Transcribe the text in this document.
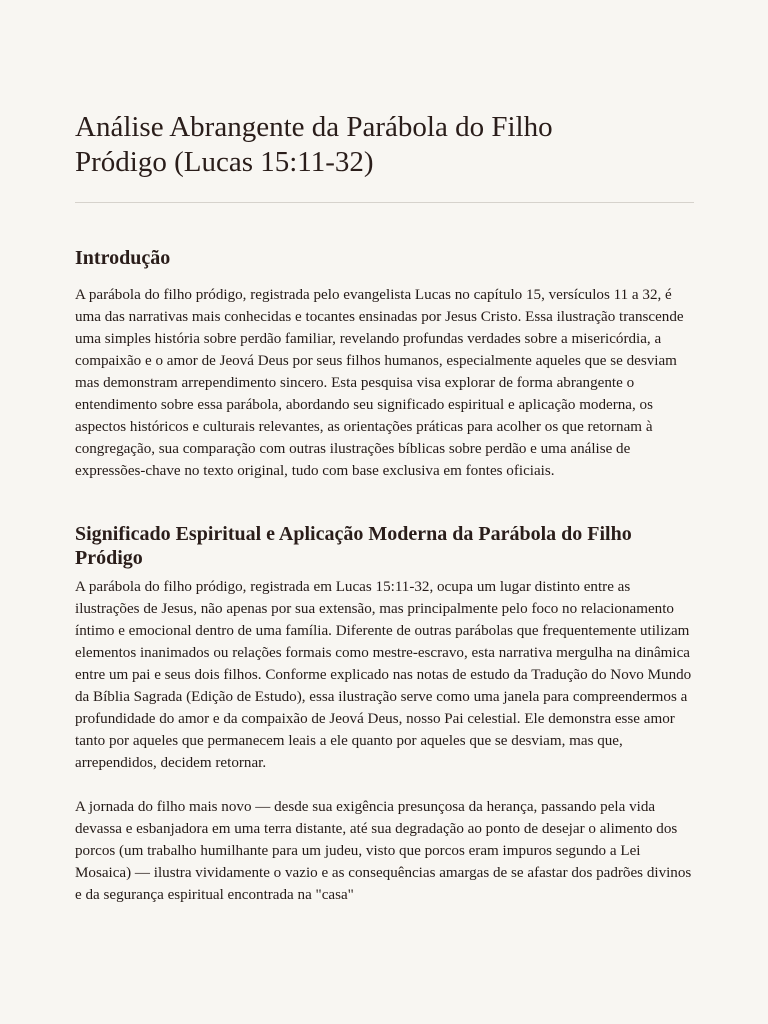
Análise Abrangente da Parábola do Filho Pródigo (Lucas 15:11-32)
Introdução

A parábola do filho pródigo, registrada pelo evangelista Lucas no capítulo 15, versículos 11 a 32, é uma das narrativas mais conhecidas e tocantes ensinadas por Jesus Cristo. Essa ilustração transcende uma simples história sobre perdão familiar, revelando profundas verdades sobre a misericórdia, a compaixão e o amor de Jeová Deus por seus filhos humanos, especialmente aqueles que se desviam mas demonstram arrependimento sincero. Esta pesquisa visa explorar de forma abrangente o entendimento sobre essa parábola, abordando seu significado espiritual e aplicação moderna, os aspectos históricos e culturais relevantes, as orientações práticas para acolher os que retornam à congregação, sua comparação com outras ilustrações bíblicas sobre perdão e uma análise de expressões-chave no texto original, tudo com base exclusiva em fontes oficiais.

Significado Espiritual e Aplicação Moderna da Parábola do Filho Pródigo

A parábola do filho pródigo, registrada em Lucas 15:11-32, ocupa um lugar distinto entre as ilustrações de Jesus, não apenas por sua extensão, mas principalmente pelo foco no relacionamento íntimo e emocional dentro de uma família. Diferente de outras parábolas que frequentemente utilizam elementos inanimados ou relações formais como mestre-escravo, esta narrativa mergulha na dinâmica entre um pai e seus dois filhos. Conforme explicado nas notas de estudo da Tradução do Novo Mundo da Bíblia Sagrada (Edição de Estudo), essa ilustração serve como uma janela para compreendermos a profundidade do amor e da compaixão de Jeová Deus, nosso Pai celestial. Ele demonstra esse amor tanto por aqueles que permanecem leais a ele quanto por aqueles que se desviam, mas que, arrependidos, decidem retornar.

A jornada do filho mais novo — desde sua exigência presunçosa da herança, passando pela vida devassa e esbanjadora em uma terra distante, até sua degradação ao ponto de desejar o alimento dos porcos (um trabalho humilhante para um judeu, visto que porcos eram impuros segundo a Lei Mosaica) — ilustra vividamente o vazio e as consequências amargas de se afastar dos padrões divinos e da segurança espiritual encontrada na "casa"
